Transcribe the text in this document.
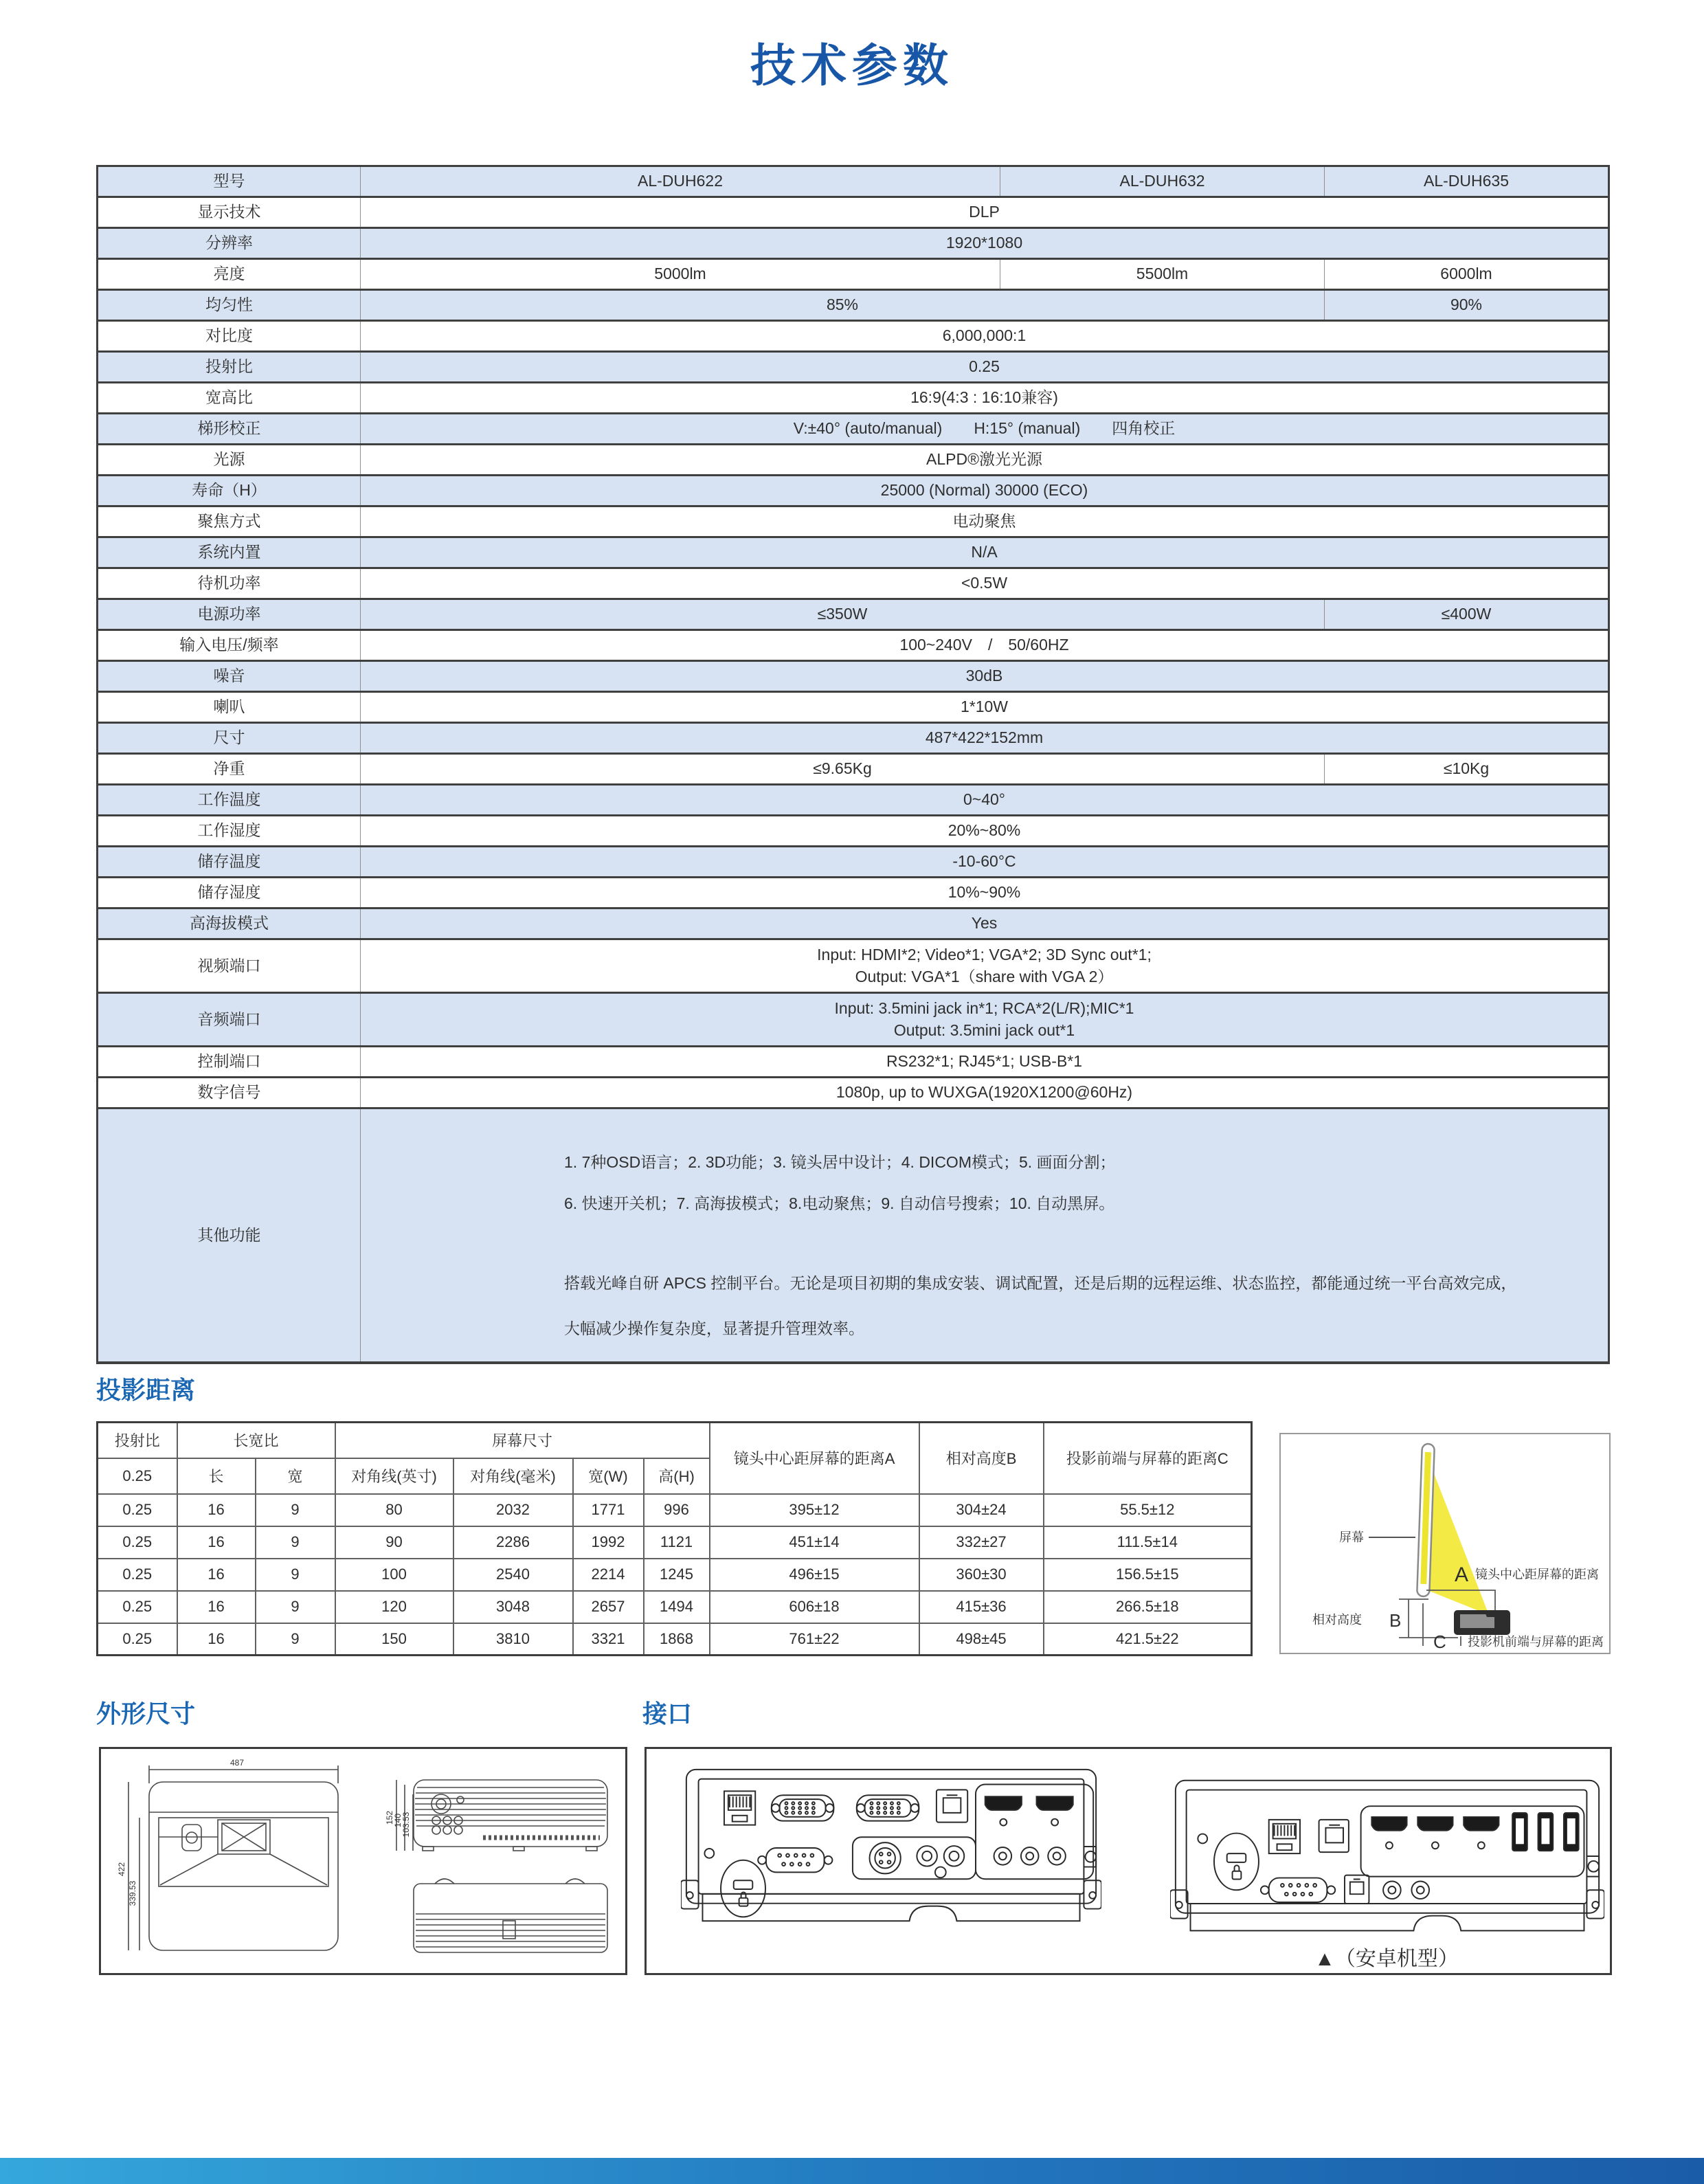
技术参数
型号	AL-DUH622	AL-DUH632	AL-DUH635
显示技术	DLP		
分辨率	1920*1080		
亮度	5000lm	5500lm	6000lm
均匀性	85%		90%
对比度	6,000,000:1		
投射比	0.25		
宽高比	16:9(4:3 : 16:10兼容)		
梯形校正	V:±40° (auto/manual)　　H:15° (manual)　　四角校正		
光源	ALPD®激光光源		
寿命（H）	25000 (Normal) 30000 (ECO)		
聚焦方式	电动聚焦		
系统内置	N/A		
待机功率	<0.5W		
电源功率	≤350W		≤400W
输入电压/频率	100~240V　/　50/60HZ		
噪音	30dB		
喇叭	1*10W		
尺寸	487*422*152mm		
净重	≤9.65Kg		≤10Kg
工作温度	0~40°		
工作湿度	20%~80%		
储存温度	-10-60°C		
储存湿度	10%~90%		
高海拔模式	Yes		
视频端口	Input: HDMI*2; Video*1; VGA*2; 3D Sync out*1;
Output: VGA*1（share with VGA 2）		

音频端口	Input: 3.5mini jack in*1; RCA*2(L/R);MIC*1
Output: 3.5mini jack out*1		

控制端口	RS232*1; RJ45*1; USB-B*1		
数字信号	1080p, up to WUXGA(1920X1200@60Hz)		
其他功能	1. 7种OSD语言；2. 3D功能；3. 镜头居中设计；4. DICOM模式；5. 画面分割；
6. 快速开关机；7. 高海拔模式；8.电动聚焦；9. 自动信号搜索；10. 自动黑屏。
搭载光峰自研 APCS 控制平台。无论是项目初期的集成安装、调试配置，还是后期的远程运维、状态监控，都能通过统一平台高效完成，
大幅减少操作复杂度，显著提升管理效率。		
投影距离
投射比	长宽比		屏幕尺寸				镜头中心距屏幕的距离A	相对高度B	投影前端与屏幕的距离C
0.25	长	宽	对角线(英寸)	对角线(毫米)	宽(W)	高(H)			
0.25	16	9	80	2032	1771	996	395±12	304±24	55.5±12
0.25	16	9	90	2286	1992	1121	451±14	332±27	111.5±14
0.25	16	9	100	2540	2214	1245	496±15	360±30	156.5±15
0.25	16	9	120	3048	2657	1494	606±18	415±36	266.5±18
0.25	16	9	150	3810	3321	1868	761±22	498±45	421.5±22
屏幕
A 镜头中心距屏幕的距离
相对高度 B
C 投影机前端与屏幕的距离
外形尺寸
487
422
339.53
152
140
103.53
接口
▲（安卓机型）
